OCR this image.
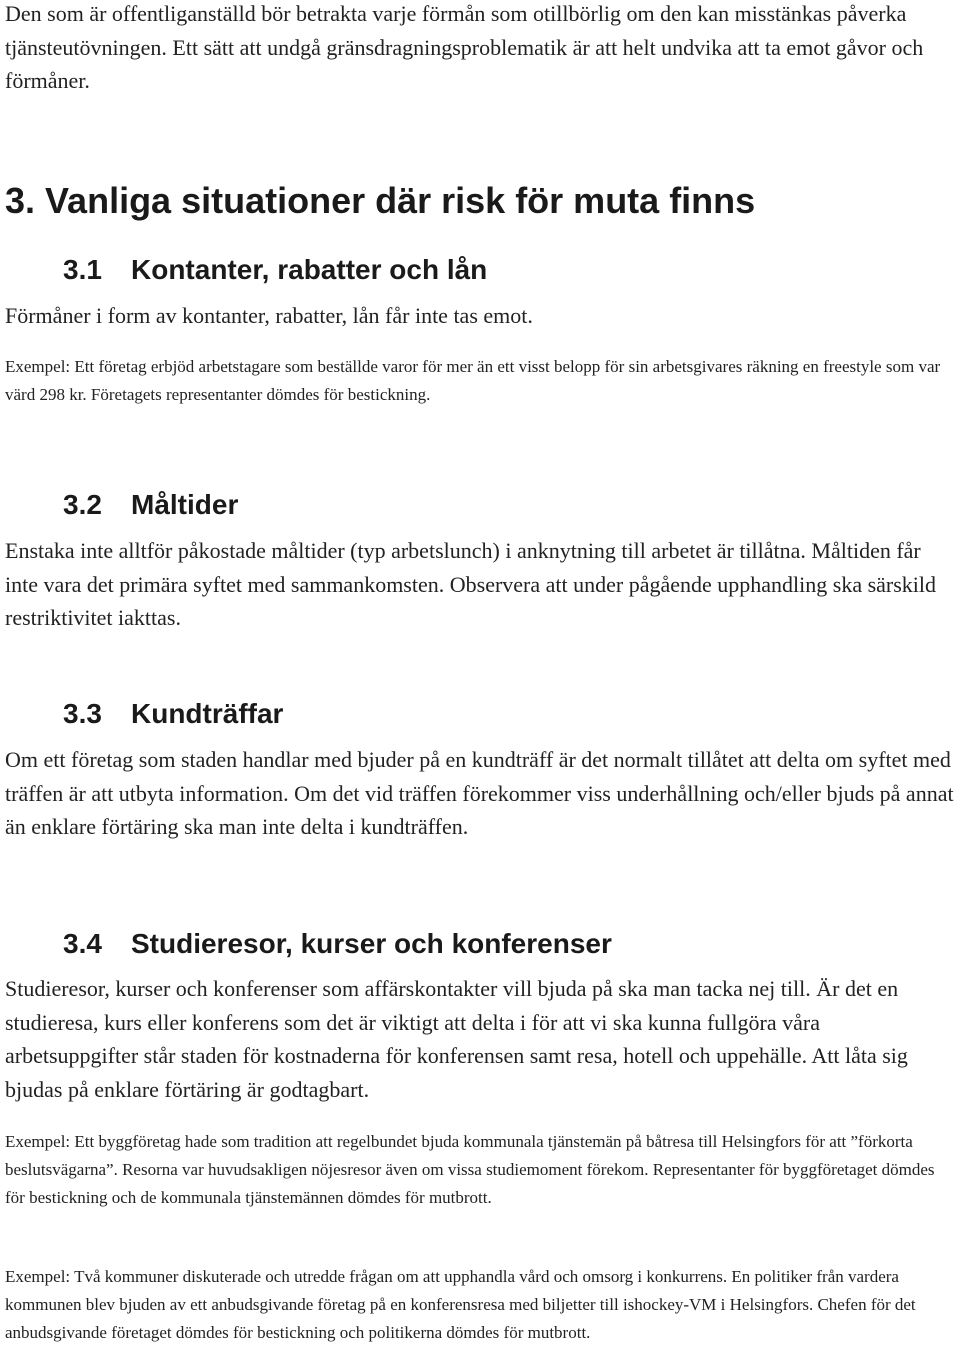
Den som är offentliganställd bör betrakta varje förmån som otillbörlig om den kan misstänkas påverka tjänsteutövningen. Ett sätt att undgå gränsdragningsproblematik är att helt undvika att ta emot gåvor och förmåner.

3. Vanliga situationer där risk för muta finns
3.1 Kontanter, rabatter och lån

Förmåner i form av kontanter, rabatter, lån får inte tas emot.

Exempel: Ett företag erbjöd arbetstagare som beställde varor för mer än ett visst belopp för sin arbetsgivares räkning en freestyle som var värd 298 kr. Företagets representanter dömdes för bestickning.

3.2 Måltider

Enstaka inte alltför påkostade måltider (typ arbetslunch) i anknytning till arbetet är tillåtna. Måltiden får inte vara det primära syftet med sammankomsten. Observera att under pågående upphandling ska särskild restriktivitet iakttas.

3.3 Kundträffar

Om ett företag som staden handlar med bjuder på en kundträff är det normalt tillåtet att delta om syftet med träffen är att utbyta information. Om det vid träffen förekommer viss underhållning och/eller bjuds på annat än enklare förtäring ska man inte delta i kundträffen.

3.4 Studieresor, kurser och konferenser

Studieresor, kurser och konferenser som affärskontakter vill bjuda på ska man tacka nej till. Är det en studieresa, kurs eller konferens som det är viktigt att delta i för att vi ska kunna fullgöra våra arbetsuppgifter står staden för kostnaderna för konferensen samt resa, hotell och uppehälle. Att låta sig bjudas på enklare förtäring är godtagbart.

Exempel: Ett byggföretag hade som tradition att regelbundet bjuda kommunala tjänstemän på båtresa till Helsingfors för att ”förkorta beslutsvägarna”. Resorna var huvudsakligen nöjesresor även om vissa studiemoment förekom. Representanter för byggföretaget dömdes för bestickning och de kommunala tjänstemännen dömdes för mutbrott.

Exempel: Två kommuner diskuterade och utredde frågan om att upphandla vård och omsorg i konkurrens. En politiker från vardera kommunen blev bjuden av ett anbudsgivande företag på en konferensresa med biljetter till ishockey-VM i Helsingfors. Chefen för det anbudsgivande företaget dömdes för bestickning och politikerna dömdes för mutbrott.
